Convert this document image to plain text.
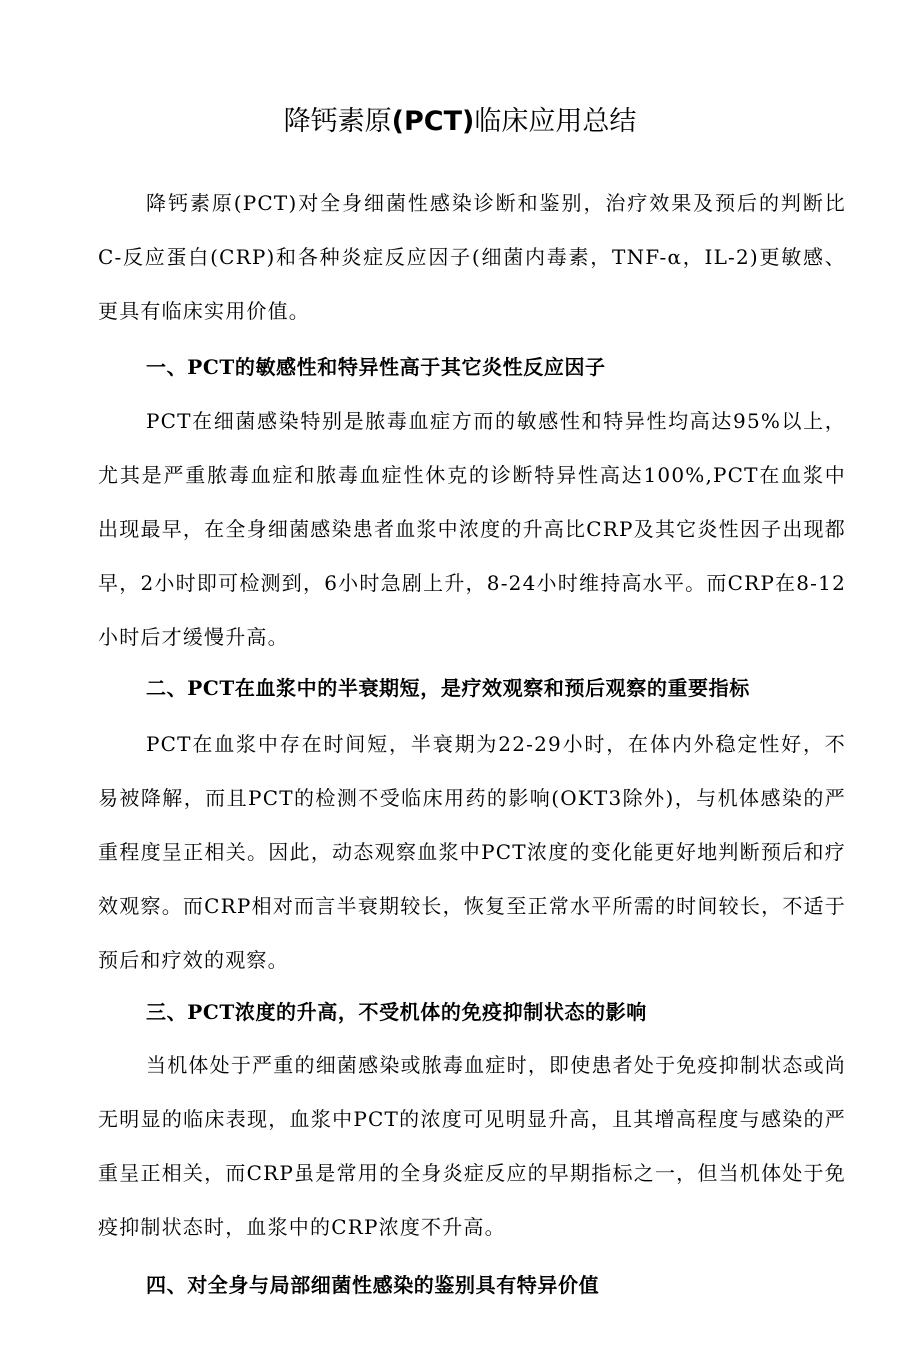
降钙素原(PCT)临床应用总结

降钙素原(PCT)对全身细菌性感染诊断和鉴别，治疗效果及预后的判断比C-反应蛋白(CRP)和各种炎症反应因子(细菌内毒素，TNF-α，IL-2)更敏感、更具有临床实用价值。

一、PCT的敏感性和特异性高于其它炎性反应因子

PCT在细菌感染特别是脓毒血症方而的敏感性和特异性均高达95%以上，尤其是严重脓毒血症和脓毒血症性休克的诊断特异性高达100%,PCT在血浆中出现最早，在全身细菌感染患者血浆中浓度的升高比CRP及其它炎性因子出现都早，2小时即可检测到，6小时急剧上升，8-24小时维持高水平。而CRP在8-12小时后才缓慢升高。

二、PCT在血浆中的半衰期短，是疗效观察和预后观察的重要指标

PCT在血浆中存在时间短，半衰期为22-29小时，在体内外稳定性好，不易被降解，而且PCT的检测不受临床用药的影响(OKT3除外)，与机体感染的严重程度呈正相关。因此，动态观察血浆中PCT浓度的变化能更好地判断预后和疗效观察。而CRP相对而言半衰期较长，恢复至正常水平所需的时间较长，不适于预后和疗效的观察。

三、PCT浓度的升高，不受机体的免疫抑制状态的影响

当机体处于严重的细菌感染或脓毒血症时，即使患者处于免疫抑制状态或尚无明显的临床表现，血浆中PCT的浓度可见明显升高，且其增高程度与感染的严重呈正相关，而CRP虽是常用的全身炎症反应的早期指标之一，但当机体处于免疫抑制状态时，血浆中的CRP浓度不升高。

四、对全身与局部细菌性感染的鉴别具有特异价值
